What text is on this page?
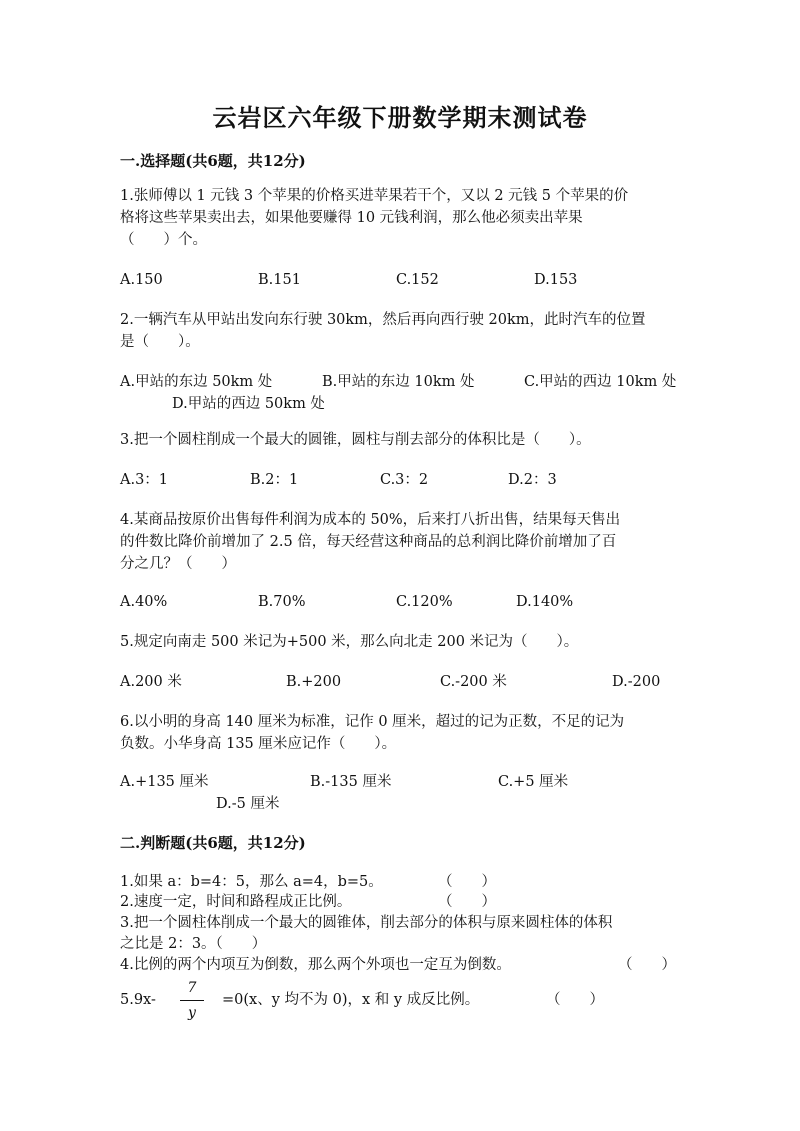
云岩区六年级下册数学期末测试卷
一.选择题(共6题，共12分)
1.张师傅以 1 元钱 3 个苹果的价格买进苹果若干个，又以 2 元钱 5 个苹果的价
格将这些苹果卖出去，如果他要赚得 10 元钱利润，那么他必须卖出苹果
（　　）个。
A.150	B.151	C.152	D.153
2.一辆汽车从甲站出发向东行驶 30km，然后再向西行驶 20km，此时汽车的位置
是（　　）。
A.甲站的东边 50km 处	B.甲站的东边 10km 处	C.甲站的西边 10km 处
D.甲站的西边 50km 处
3.把一个圆柱削成一个最大的圆锥，圆柱与削去部分的体积比是（　　）。
A.3：1	B.2：1	C.3：2	D.2：3
4.某商品按原价出售每件利润为成本的 50%，后来打八折出售，结果每天售出
的件数比降价前增加了 2.5 倍，每天经营这种商品的总利润比降价前增加了百
分之几？（　　）
A.40%	B.70%	C.120%	D.140%
5.规定向南走 500 米记为+500 米，那么向北走 200 米记为（　　）。
A.200 米	B.+200	C.-200 米	D.-200
6.以小明的身高 140 厘米为标准，记作 0 厘米，超过的记为正数，不足的记为
负数。小华身高 135 厘米应记作（　　）。
A.+135 厘米	B.-135 厘米	C.+5 厘米
D.-5 厘米
二.判断题(共6题，共12分)
1.如果 a：b=4：5，那么 a=4，b=5。	（　　）
2.速度一定，时间和路程成正比例。	（　　）
3.把一个圆柱体削成一个最大的圆锥体，削去部分的体积与原来圆柱体的体积
之比是 2：3。（　　）
4.比例的两个内项互为倒数，那么两个外项也一定互为倒数。	（　　）
5.9x-
7
y
=0(x、y 均不为 0)，x 和 y 成反比例。	（　　）
